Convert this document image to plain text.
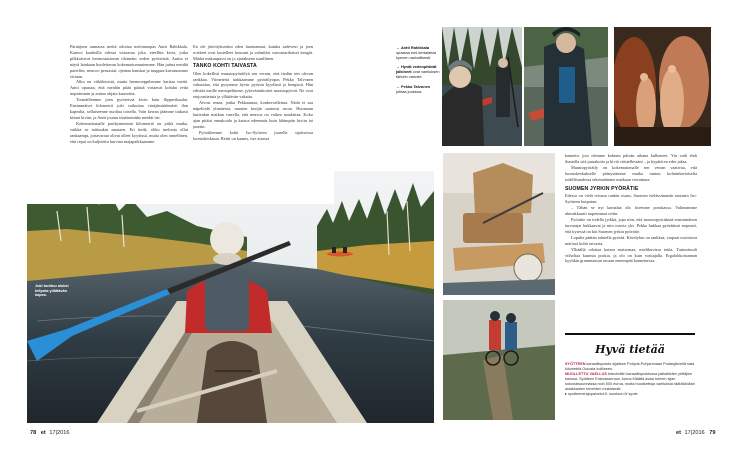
Pärnäjoen rannassa meitä odottaa melontaopas Antti Rahikkala. Kanoot kauheilla odessä virtaavaa joka, eteelliin kivia, jotka pilkkaisivat hermostuttavan tilonnäin veden pyörteistä. Anttia ei näytä lainkaan huolettavan kokemattomuutemme. Hän juttua meidät paretfiin, neuvoo peruasiat, ojentaa hanskat ja tuuppaa kuvatuomme virtaan.

Alku on vähäloisistä, mutta hermoreppilemme karttaa meitä. Antti opastaa, että meidän pitää päästä virtaavat kohdat vettä nopeammin ja auttaa ohjata kanoottia.

Tormäillemme joen pyörteissä kivin kuin flipperikuulat. Ensimmäiset kilometrit joki vaikuttaa väsäjämättömästi ilan kapealta, sellaiseenne nuoltaa toisella. Vain kerran jäämme tiukasti kiinni kiviin, ja Antti joutuu tönäisemään meidät irti.

Kokemattomalle parikymmentä kilometriä on pitkä matka, vaikka se taittuukin nauraen. Eri tiedä, oliko melonta ollut rankaampi, joriavaraat olivat olleet kyydissä, mutta olen onnellinen, että repui on kuljetettu kuivina majapaikkaamme.

En ole järeiityksettini eden huomannut, kuinka sadeveui ja joen roiskeet ovat kastelleet housuni ja valmiiksi vauvanarikaiset kengät. Märkä makuupussi on jo ajatuksena surullinen.

TANKO KOHTI TAIVASTA

Olen kokellisit maastopyöräilyä sen verran, että tiedän sen olevan rankkaa. Viimetertä tarkkaamme pyöräilyopas Pekka Talvonen vakuuttaa, että pysymme hyvin pyöriin kyydissä ja hengissä. Hän edistää meille menopelimme, jykevärunkoiset maastopyörät. Ne ovat etujousitetuia ja yllättävän vakaita.

Aivosi reuna, jonka Pekkaantaa, konkervallettua. Näitä et saa näpelöidä ylimäessä, muuten kerijät saatavat irrota. Huomaan kuitenkin matkan varrella, että neuvoa on vaikea noudattaa. Koko ajan pitäisi ennakoida ja katsoa edemmäs kuin lähimpiin kiviin tai juuriin.

Pyöräilemme kohti Iso-Syöteen juurella sijaitsevaa luontokeskusta. Reitti on kaunis, itse asiassa

Joki tunttuu aluksi teilpota yllättävän kapea.
→ Antti Rahikkala opastaa emi-kertalaisia kyenen rauhallisesti.
→ Hyvät vedenpitävät jalkineet ovat vaelluksen tärkein varuste.
→ Pekka Talvonen johtaa joukkoa.
78 et 17|2016

kaunein, jota olemme kolmen päivän aikana kulkeneet. Yin vaih ehdi ihastella sitä juurakoita ja kiviä väistellessäni – ja hypätä en edes jaksa.

Maastopyöräily on kokematomalle sen verran vaativaa, että luontokeskukselle pääsystämme matka tuntuu kolminkertaiselta todellisuudessa tekemäämme matkaan verrattuna.

SUOMEN JYRKIN PYÖRÄTIE

Edessä on vielä reissun rankin osuus, Suomen etelässämmän tunturin Iso-Syötteen huipuiun.

– Tähän se nyt kamalaa ole, hoemme porukassa. Valinnamme uhmakkaasti nopeimmat reitin.

Pyörätie on todella jyrkkä, jopa niin, että maastopyöräänsä ensimmäisen turvarajat hukkaavat ja niin osuvia yks. Pekka hukkaa pyöräänsä nopeasti, että kysessä on kin Suomen jyrkin pyörätie.

Lopulta päätän talutella pyörää. Kävelykin on rankkaa, varpaat osoittavat märissä kohti taivasta.

Ylhäällä odottaa kutsea maisemaa, mielikuvissa taitta. Tunturituuli viiholtaa kuumia poskia, ja olo on kuin voittajalla. Ergalohkoistaman kyyhkin grammaasan tavaan ennempää kannettavaa.

Hyvä tietää

SYÖTTEEN kansallispuisto sijaitsee Pohjois-Pohjanmaan Pudasjärvellä sata kilometriä Oulusta koilliseen.

MUOLLETTU VAELLUS toteutettiin kansallispuistossa paikallisten yrittäjien kanssa. Syötteen Erämaaseruun Jonna Määttä avasi toimen sijan kokonaisuunnassa noin 500 euroa, mutta huodsettuja vaelluksia räätälöidään asiakkaiden toiveiden mukaisesti.

▸ syotteenerajopalvelut.fi, luontoon.fi/ syote

et 17|2016 79
